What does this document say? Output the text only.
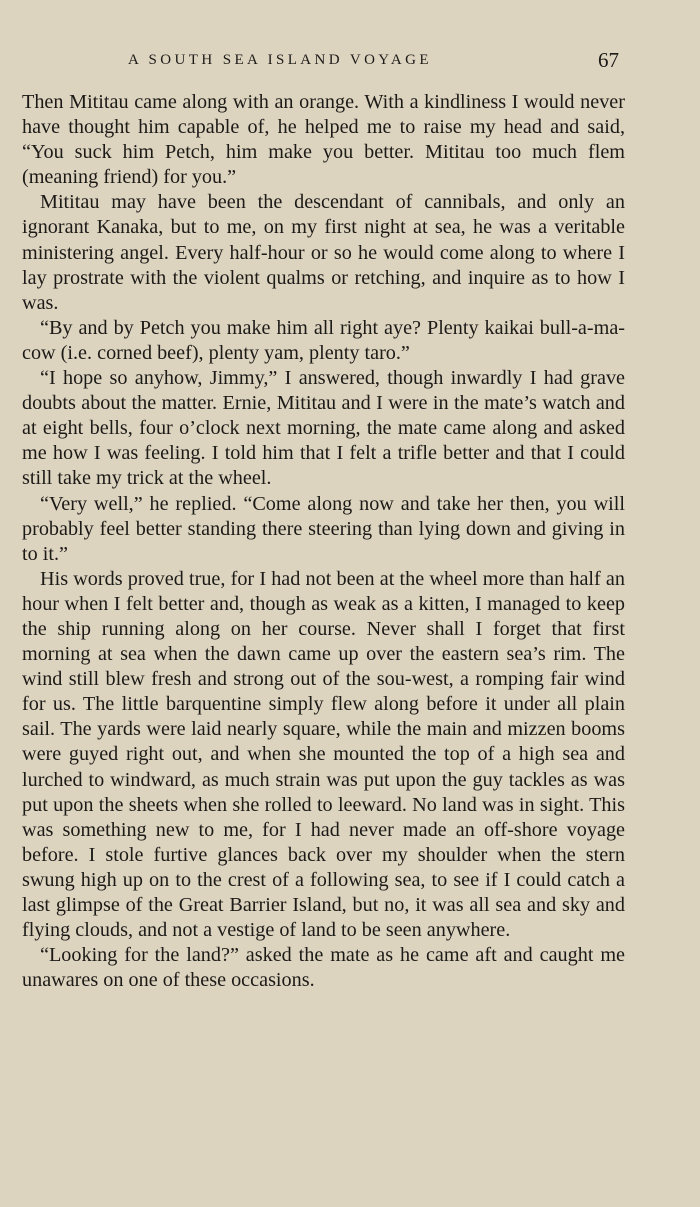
A SOUTH SEA ISLAND VOYAGE	67

Then Mititau came along with an orange. With a kindliness I would never have thought him capable of, he helped me to raise my head and said, “You suck him Petch, him make you better. Mititau too much flem (meaning friend) for you.”

Mititau may have been the descendant of cannibals, and only an ignorant Kanaka, but to me, on my first night at sea, he was a veritable ministering angel. Every half-hour or so he would come along to where I lay prostrate with the violent qualms or retching, and inquire as to how I was.

“By and by Petch you make him all right aye? Plenty kaikai bull-a-ma-cow (i.e. corned beef), plenty yam, plenty taro.”

“I hope so anyhow, Jimmy,” I answered, though inwardly I had grave doubts about the matter. Ernie, Mititau and I were in the mate’s watch and at eight bells, four o’clock next morning, the mate came along and asked me how I was feeling. I told him that I felt a trifle better and that I could still take my trick at the wheel.

“Very well,” he replied. “Come along now and take her then, you will probably feel better standing there steering than lying down and giving in to it.”

His words proved true, for I had not been at the wheel more than half an hour when I felt better and, though as weak as a kitten, I managed to keep the ship running along on her course. Never shall I forget that first morning at sea when the dawn came up over the eastern sea’s rim. The wind still blew fresh and strong out of the sou-west, a romping fair wind for us. The little barquentine simply flew along before it under all plain sail. The yards were laid nearly square, while the main and mizzen booms were guyed right out, and when she mounted the top of a high sea and lurched to windward, as much strain was put upon the guy tackles as was put upon the sheets when she rolled to leeward. No land was in sight. This was something new to me, for I had never made an off-shore voyage before. I stole furtive glances back over my shoulder when the stern swung high up on to the crest of a following sea, to see if I could catch a last glimpse of the Great Barrier Island, but no, it was all sea and sky and flying clouds, and not a vestige of land to be seen anywhere.

“Looking for the land?” asked the mate as he came aft and caught me unawares on one of these occasions.
